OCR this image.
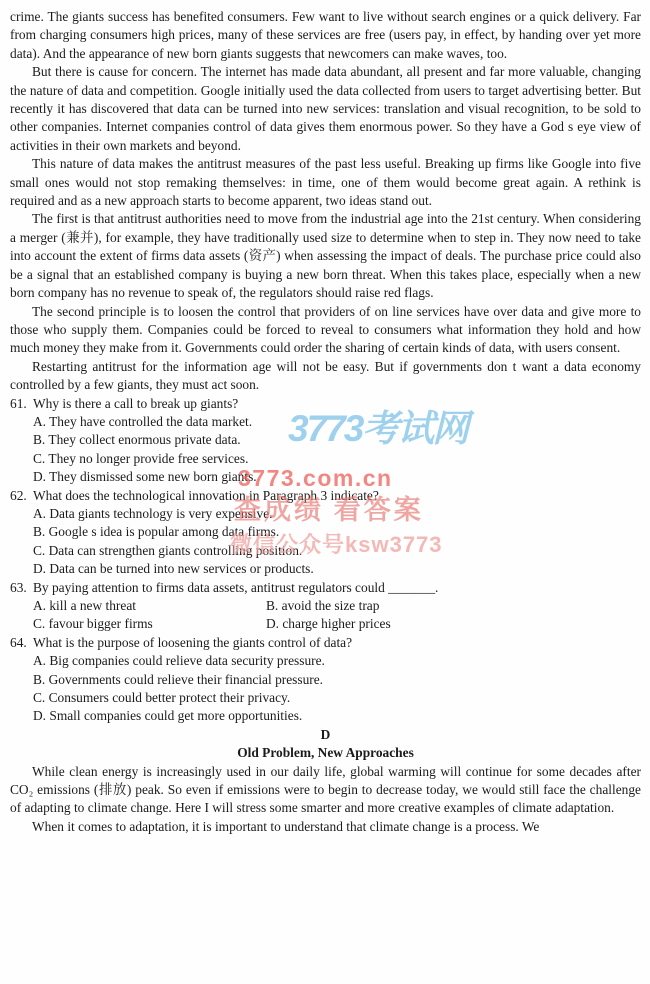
crime. The giants success has benefited consumers. Few want to live without search engines or a quick delivery. Far from charging consumers high prices, many of these services are free (users pay, in effect, by handing over yet more data). And the appearance of new born giants suggests that newcomers can make waves, too.

But there is cause for concern. The internet has made data abundant, all present and far more valuable, changing the nature of data and competition. Google initially used the data collected from users to target advertising better. But recently it has discovered that data can be turned into new services: translation and visual recognition, to be sold to other companies. Internet companies control of data gives them enormous power. So they have a God s eye view of activities in their own markets and beyond.

This nature of data makes the antitrust measures of the past less useful. Breaking up firms like Google into five small ones would not stop remaking themselves: in time, one of them would become great again. A rethink is required and as a new approach starts to become apparent, two ideas stand out.

The first is that antitrust authorities need to move from the industrial age into the 21st century. When considering a merger (兼并), for example, they have traditionally used size to determine when to step in. They now need to take into account the extent of firms data assets (资产) when assessing the impact of deals. The purchase price could also be a signal that an established company is buying a new born threat. When this takes place, especially when a new born company has no revenue to speak of, the regulators should raise red flags.

The second principle is to loosen the control that providers of on line services have over data and give more to those who supply them. Companies could be forced to reveal to consumers what information they hold and how much money they make from it. Governments could order the sharing of certain kinds of data, with users consent.

Restarting antitrust for the information age will not be easy. But if governments don t want a data economy controlled by a few giants, they must act soon.

61. Why is there a call to break up giants?
A. They have controlled the data market.
B. They collect enormous private data.
C. They no longer provide free services.
D. They dismissed some new born giants.
62. What does the technological innovation in Paragraph 3 indicate?
A. Data giants technology is very expensive.
B. Google s idea is popular among data firms.
C. Data can strengthen giants controlling position.
D. Data can be turned into new services or products.
63. By paying attention to firms data assets, antitrust regulators could _______.
A. kill a new threat	B. avoid the size trap
C. favour bigger firms	D. charge higher prices
64. What is the purpose of loosening the giants control of data?
A. Big companies could relieve data security pressure.
B. Governments could relieve their financial pressure.
C. Consumers could better protect their privacy.
D. Small companies could get more opportunities.

D

Old Problem, New Approaches

While clean energy is increasingly used in our daily life, global warming will continue for some decades after CO₂ emissions (排放) peak. So even if emissions were to begin to decrease today, we would still face the challenge of adapting to climate change. Here I will stress some smarter and more creative examples of climate adaptation.

When it comes to adaptation, it is important to understand that climate change is a process. We

3773考试网
3773.com.cn
查成绩 看答案
微信公众号ksw3773
